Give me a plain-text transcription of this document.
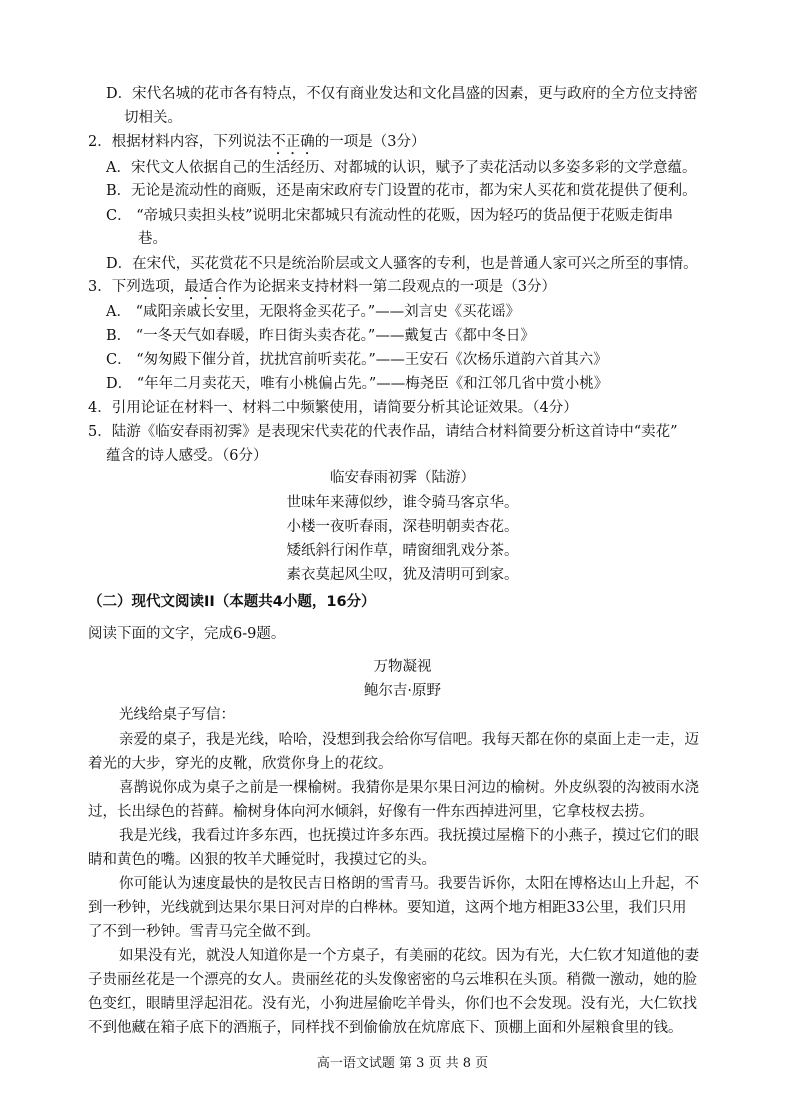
D．宋代名城的花市各有特点，不仅有商业发达和文化昌盛的因素，更与政府的全方位支持密
切相关。
2．根据材料内容，下列说法不正确的一项是（3分）
A．宋代文人依据自己的生活经历、对都城的认识，赋予了卖花活动以多姿多彩的文学意蕴。
B．无论是流动性的商贩，还是南宋政府专门设置的花市，都为宋人买花和赏花提供了便利。
C． “帝城只卖担头枝”说明北宋都城只有流动性的花贩，因为轻巧的货品便于花贩走街串
巷。
D．在宋代，买花赏花不只是统治阶层或文人骚客的专利，也是普通人家可兴之所至的事情。
3．下列选项，最适合作为论据来支持材料一第二段观点的一项是（3分）
A． “咸阳亲戚长安里，无限将金买花子。”——刘言史《买花谣》
B． “一冬天气如春暖，昨日街头卖杏花。”——戴复古《都中冬日》
C． “匆匆殿下催分首，扰扰宫前听卖花。”——王安石《次杨乐道韵六首其六》
D． “年年二月卖花天，唯有小桃偏占先。”——梅尧臣《和江邻几省中赏小桃》
4．引用论证在材料一、材料二中频繁使用，请简要分析其论证效果。（4分）
5．陆游《临安春雨初霁》是表现宋代卖花的代表作品，请结合材料简要分析这首诗中“卖花”
蕴含的诗人感受。（6分）
临安春雨初霁（陆游）
世味年来薄似纱，谁令骑马客京华。
小楼一夜听春雨，深巷明朝卖杏花。
矮纸斜行闲作草，晴窗细乳戏分茶。
素衣莫起风尘叹，犹及清明可到家。
（二）现代文阅读II（本题共4小题，16分）
阅读下面的文字，完成6-9题。
万物凝视
鲍尔吉·原野
光线给桌子写信：
亲爱的桌子，我是光线，哈哈，没想到我会给你写信吧。我每天都在你的桌面上走一走，迈
着光的大步，穿光的皮靴，欣赏你身上的花纹。
喜鹊说你成为桌子之前是一棵榆树。我猜你是果尔果日河边的榆树。外皮纵裂的沟被雨水浇
过，长出绿色的苔藓。榆树身体向河水倾斜，好像有一件东西掉进河里，它拿枝杈去捞。
我是光线，我看过许多东西，也抚摸过许多东西。我抚摸过屋檐下的小燕子，摸过它们的眼
睛和黄色的嘴。凶狠的牧羊犬睡觉时，我摸过它的头。
你可能认为速度最快的是牧民吉日格朗的雪青马。我要告诉你，太阳在博格达山上升起，不
到一秒钟，光线就到达果尔果日河对岸的白桦林。要知道，这两个地方相距33公里，我们只用
了不到一秒钟。雪青马完全做不到。
如果没有光，就没人知道你是一个方桌子，有美丽的花纹。因为有光，大仁钦才知道他的妻
子贵丽丝花是一个漂亮的女人。贵丽丝花的头发像密密的乌云堆积在头顶。稍微一激动，她的脸
色变红，眼睛里浮起泪花。没有光，小狗进屋偷吃羊骨头，你们也不会发现。没有光，大仁钦找
不到他藏在箱子底下的酒瓶子，同样找不到偷偷放在炕席底下、顶棚上面和外屋粮食里的钱。
高一语文试题 第 3 页 共 8 页
